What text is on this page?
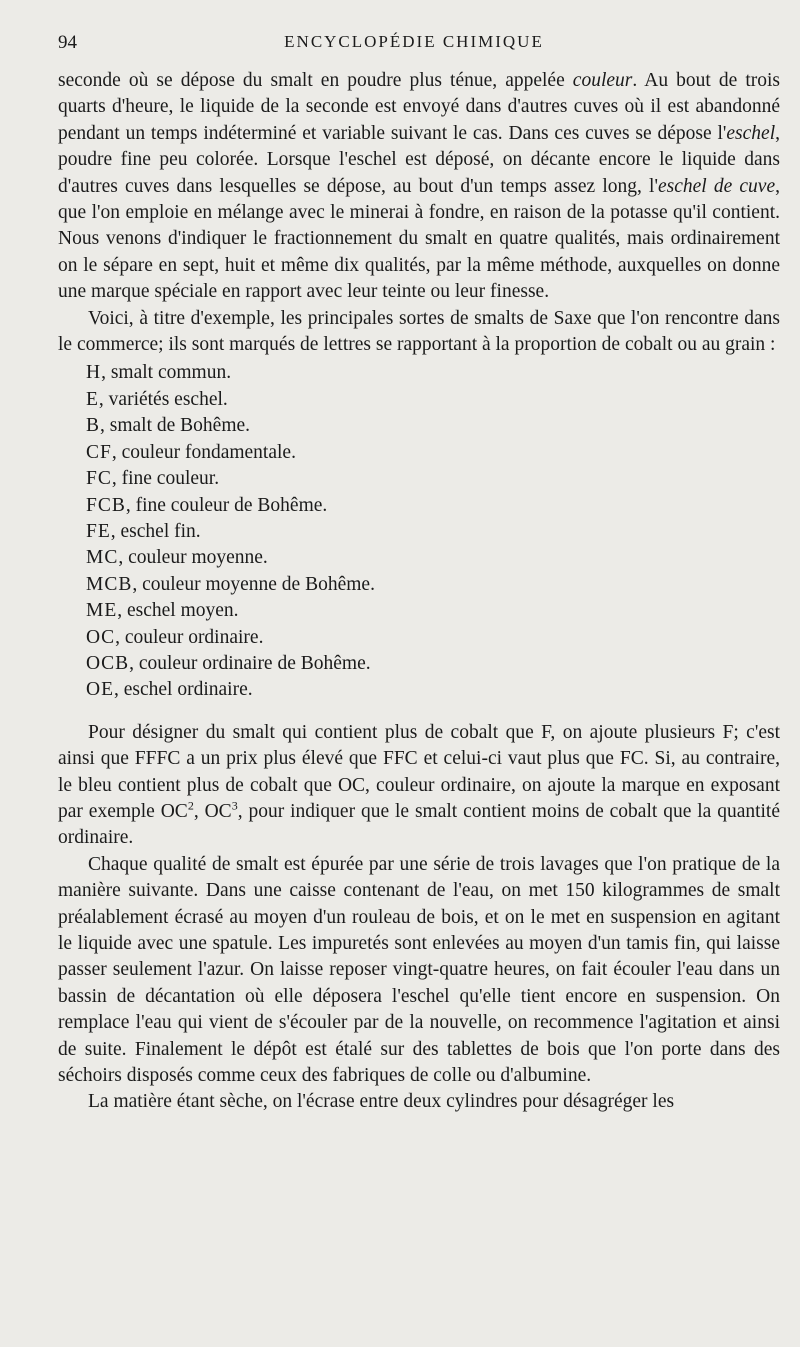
94	ENCYCLOPÉDIE CHIMIQUE

seconde où se dépose du smalt en poudre plus ténue, appelée couleur. Au bout de trois quarts d'heure, le liquide de la seconde est envoyé dans d'autres cuves où il est abandonné pendant un temps indéterminé et variable suivant le cas. Dans ces cuves se dépose l'eschel, poudre fine peu colorée. Lorsque l'eschel est déposé, on décante encore le liquide dans d'autres cuves dans lesquelles se dépose, au bout d'un temps assez long, l'eschel de cuve, que l'on emploie en mélange avec le minerai à fondre, en raison de la potasse qu'il contient. Nous venons d'indiquer le fractionnement du smalt en quatre qualités, mais ordinairement on le sépare en sept, huit et même dix qualités, par la même méthode, auxquelles on donne une marque spéciale en rapport avec leur teinte ou leur finesse.

Voici, à titre d'exemple, les principales sortes de smalts de Saxe que l'on rencontre dans le commerce; ils sont marqués de lettres se rapportant à la proportion de cobalt ou au grain :

H, smalt commun.
E, variétés eschel.
B, smalt de Bohême.
CF, couleur fondamentale.
FC, fine couleur.
FCB, fine couleur de Bohême.
FE, eschel fin.
MC, couleur moyenne.
MCB, couleur moyenne de Bohême.
ME, eschel moyen.
OC, couleur ordinaire.
OCB, couleur ordinaire de Bohême.
OE, eschel ordinaire.

Pour désigner du smalt qui contient plus de cobalt que F, on ajoute plusieurs F; c'est ainsi que FFFC a un prix plus élevé que FFC et celui-ci vaut plus que FC. Si, au contraire, le bleu contient plus de cobalt que OC, couleur ordinaire, on ajoute la marque en exposant par exemple $OC^2$, $OC^3$, pour indiquer que le smalt contient moins de cobalt que la quantité ordinaire.

Chaque qualité de smalt est épurée par une série de trois lavages que l'on pratique de la manière suivante. Dans une caisse contenant de l'eau, on met 150 kilogrammes de smalt préalablement écrasé au moyen d'un rouleau de bois, et on le met en suspension en agitant le liquide avec une spatule. Les impuretés sont enlevées au moyen d'un tamis fin, qui laisse passer seulement l'azur. On laisse reposer vingt-quatre heures, on fait écouler l'eau dans un bassin de décantation où elle déposera l'eschel qu'elle tient encore en suspension. On remplace l'eau qui vient de s'écouler par de la nouvelle, on recommence l'agitation et ainsi de suite. Finalement le dépôt est étalé sur des tablettes de bois que l'on porte dans des séchoirs disposés comme ceux des fabriques de colle ou d'albumine.

La matière étant sèche, on l'écrase entre deux cylindres pour désagréger les
